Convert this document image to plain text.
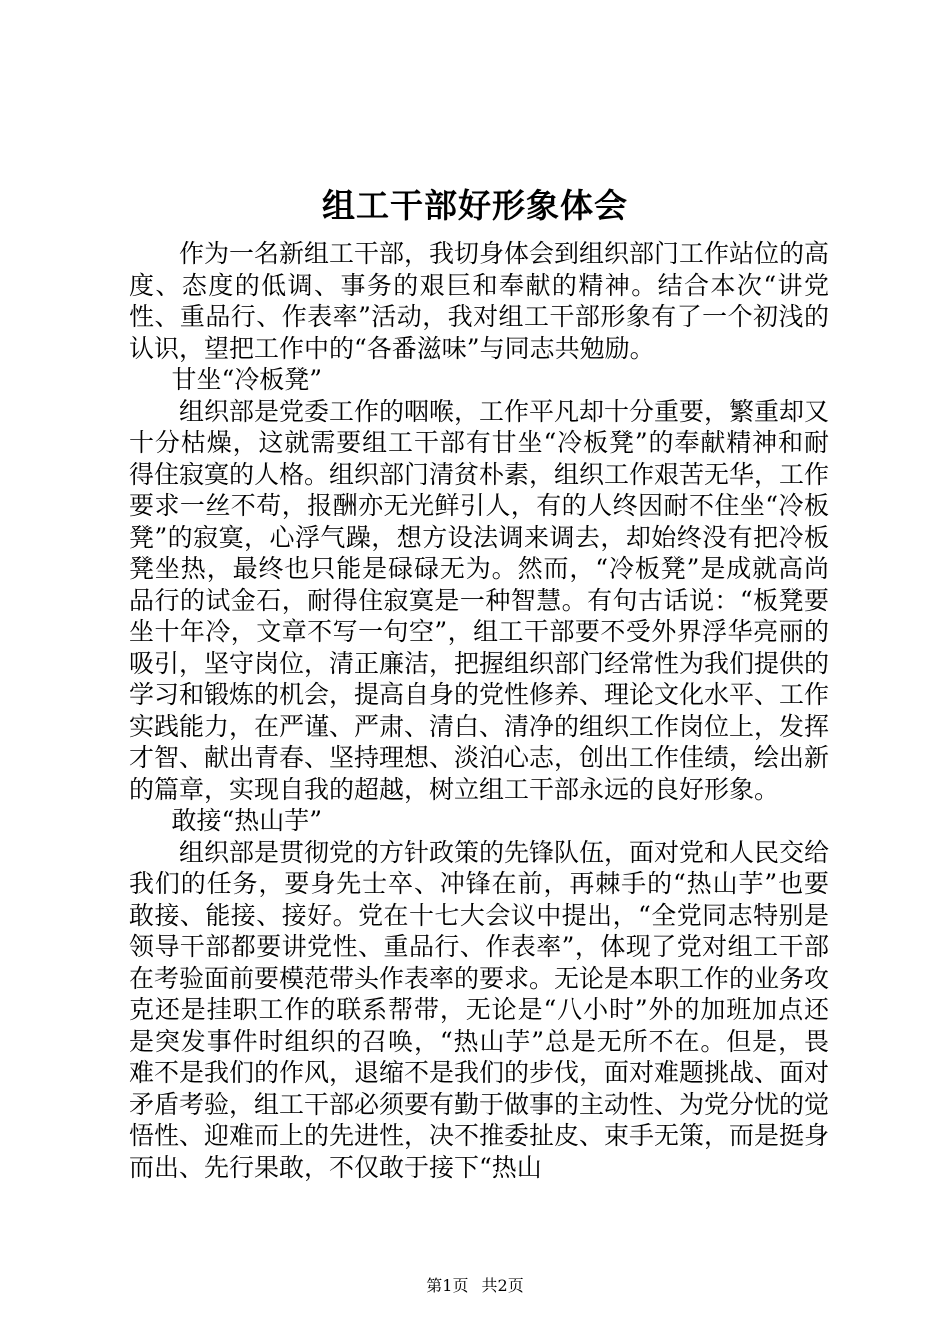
组工干部好形象体会

作为一名新组工干部，我切身体会到组织部门工作站位的高度、态度的低调、事务的艰巨和奉献的精神。结合本次“讲党性、重品行、作表率”活动，我对组工干部形象有了一个初浅的认识，望把工作中的“各番滋味”与同志共勉励。

甘坐“冷板凳”

组织部是党委工作的咽喉，工作平凡却十分重要，繁重却又十分枯燥，这就需要组工干部有甘坐“冷板凳”的奉献精神和耐得住寂寞的人格。组织部门清贫朴素，组织工作艰苦无华，工作要求一丝不苟，报酬亦无光鲜引人，有的人终因耐不住坐“冷板凳”的寂寞，心浮气躁，想方设法调来调去，却始终没有把冷板凳坐热，最终也只能是碌碌无为。然而，“冷板凳”是成就高尚品行的试金石，耐得住寂寞是一种智慧。有句古话说：“板凳要坐十年冷，文章不写一句空”，组工干部要不受外界浮华亮丽的吸引，坚守岗位，清正廉洁，把握组织部门经常性为我们提供的学习和锻炼的机会，提高自身的党性修养、理论文化水平、工作实践能力，在严谨、严肃、清白、清净的组织工作岗位上，发挥才智、献出青春、坚持理想、淡泊心志，创出工作佳绩，绘出新的篇章，实现自我的超越，树立组工干部永远的良好形象。

敢接“热山芋”

组织部是贯彻党的方针政策的先锋队伍，面对党和人民交给我们的任务，要身先士卒、冲锋在前，再棘手的“热山芋”也要敢接、能接、接好。党在十七大会议中提出，“全党同志特别是领导干部都要讲党性、重品行、作表率”，体现了党对组工干部在考验面前要模范带头作表率的要求。无论是本职工作的业务攻克还是挂职工作的联系帮带，无论是“八小时”外的加班加点还是突发事件时组织的召唤，“热山芋”总是无所不在。但是，畏难不是我们的作风，退缩不是我们的步伐，面对难题挑战、面对矛盾考验，组工干部必须要有勤于做事的主动性、为党分忧的觉悟性、迎难而上的先进性，决不推委扯皮、束手无策，而是挺身而出、先行果敢，不仅敢于接下“热山

第1页 共2页
